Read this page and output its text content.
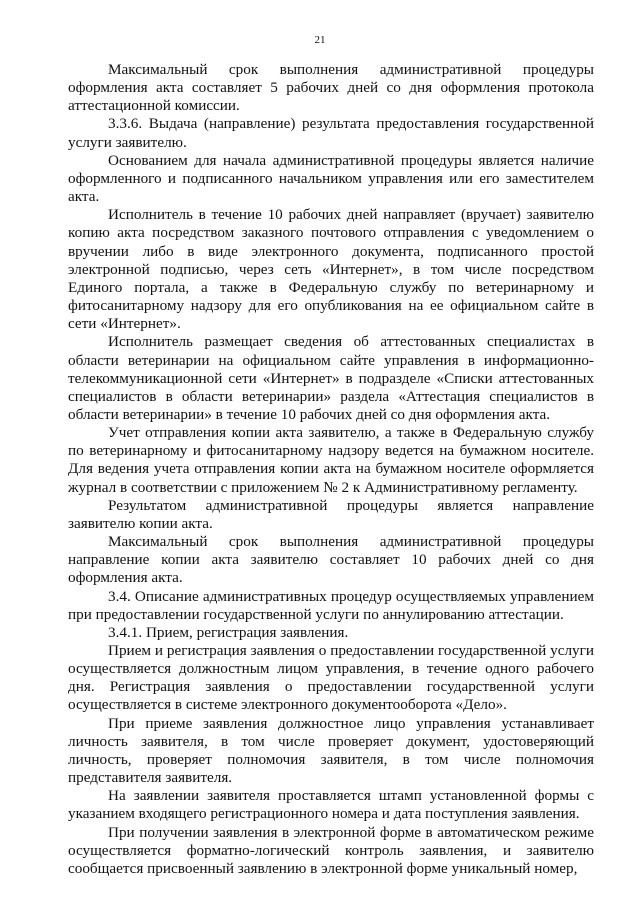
21

Максимальный срок выполнения административной процедуры оформления акта составляет 5 рабочих дней со дня оформления протокола аттестационной комиссии.

3.3.6. Выдача (направление) результата предоставления государственной услуги заявителю.

Основанием для начала административной процедуры является наличие оформленного и подписанного начальником управления или его заместителем акта.

Исполнитель в течение 10 рабочих дней направляет (вручает) заявителю копию акта посредством заказного почтового отправления с уведомлением о вручении либо в виде электронного документа, подписанного простой электронной подписью, через сеть «Интернет», в том числе посредством Единого портала, а также в Федеральную службу по ветеринарному и фитосанитарному надзору для его опубликования на ее официальном сайте в сети «Интернет».

Исполнитель размещает сведения об аттестованных специалистах в области ветеринарии на официальном сайте управления в информационно-телекоммуникационной сети «Интернет» в подразделе «Списки аттестованных специалистов в области ветеринарии» раздела «Аттестация специалистов в области ветеринарии» в течение 10 рабочих дней со дня оформления акта.

Учет отправления копии акта заявителю, а также в Федеральную службу по ветеринарному и фитосанитарному надзору ведется на бумажном носителе. Для ведения учета отправления копии акта на бумажном носителе оформляется журнал в соответствии с приложением № 2 к Административному регламенту.

Результатом административной процедуры является направление заявителю копии акта.

Максимальный срок выполнения административной процедуры направление копии акта заявителю составляет 10 рабочих дней со дня оформления акта.

3.4. Описание административных процедур осуществляемых управлением при предоставлении государственной услуги по аннулированию аттестации.

3.4.1. Прием, регистрация заявления.

Прием и регистрация заявления о предоставлении государственной услуги осуществляется должностным лицом управления, в течение одного рабочего дня. Регистрация заявления о предоставлении государственной услуги осуществляется в системе электронного документооборота «Дело».

При приеме заявления должностное лицо управления устанавливает личность заявителя, в том числе проверяет документ, удостоверяющий личность, проверяет полномочия заявителя, в том числе полномочия представителя заявителя.

На заявлении заявителя проставляется штамп установленной формы с указанием входящего регистрационного номера и дата поступления заявления.

При получении заявления в электронной форме в автоматическом режиме осуществляется форматно-логический контроль заявления, и заявителю сообщается присвоенный заявлению в электронной форме уникальный номер,
